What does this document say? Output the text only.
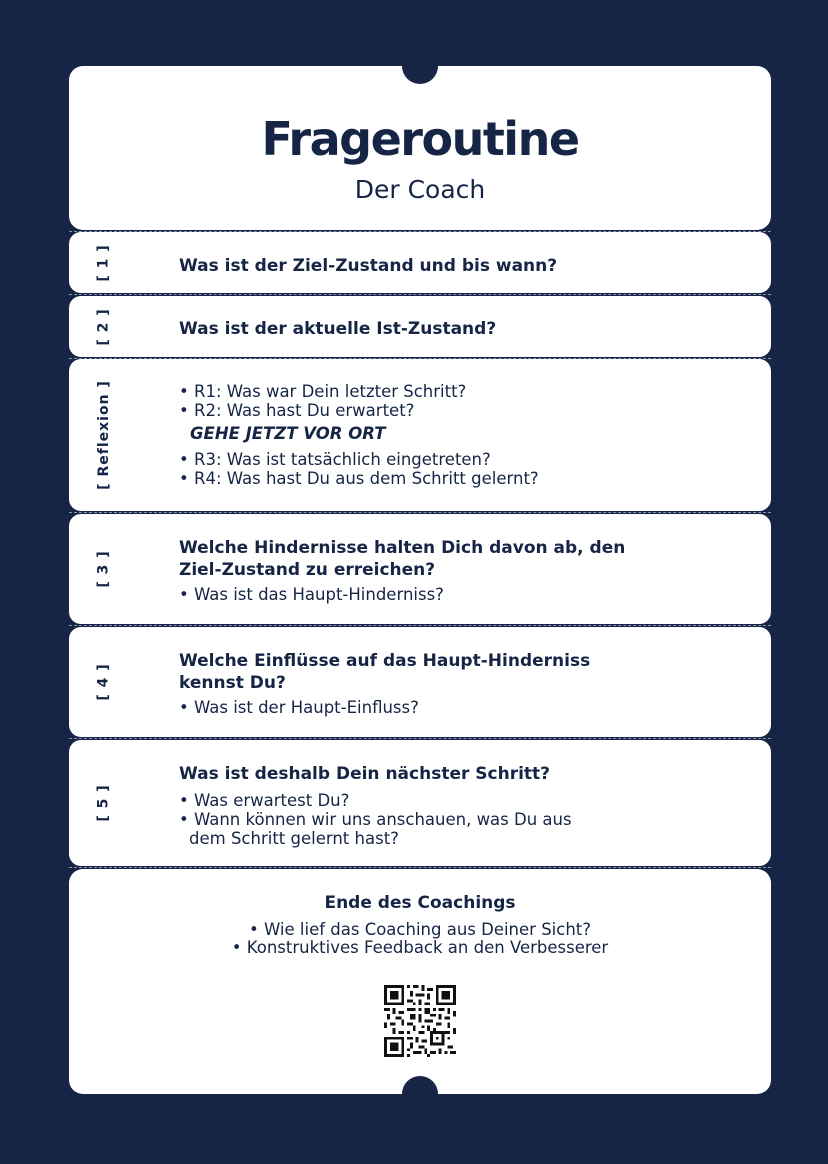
Frageroutine
Der Coach
[ 1 ]	Was ist der Ziel-Zustand und bis wann?

[ 2 ]	Was ist der aktuelle Ist-Zustand?

[ Reflexion ]	• R1: Was war Dein letzter Schritt?

• R2: Was hast Du erwartet?

GEHE JETZT VOR ORT

• R3: Was ist tatsächlich eingetreten?

• R4: Was hast Du aus dem Schritt gelernt?

[ 3 ]

Welche Hindernisse halten Dich davon ab, den

Ziel-Zustand zu erreichen?

• Was ist das Haupt-Hinderniss?

[ 4 ]

Welche Einflüsse auf das Haupt-Hinderniss

kennst Du?

• Was ist der Haupt-Einfluss?

[ 5 ]

Was ist deshalb Dein nächster Schritt?

• Was erwartest Du?

• Wann können wir uns anschauen, was Du aus

dem Schritt gelernt hast?

Ende des Coachings
• Wie lief das Coaching aus Deiner Sicht?
• Konstruktives Feedback an den Verbesserer
